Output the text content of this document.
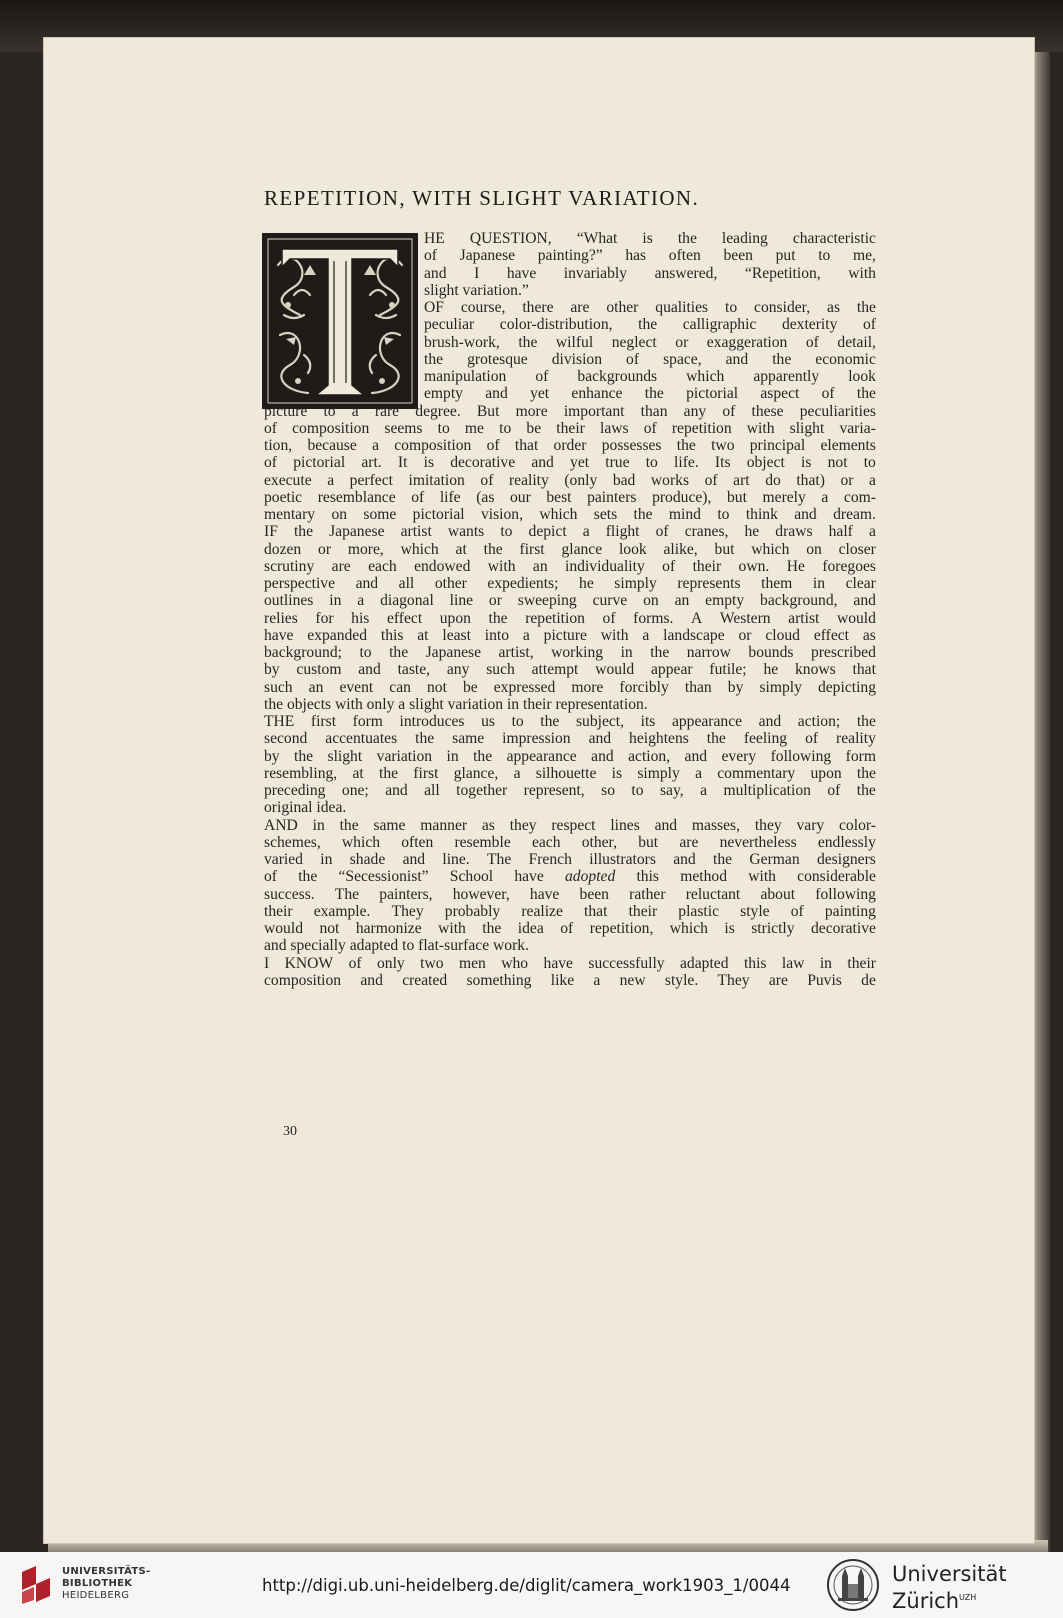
REPETITION, WITH SLIGHT VARIATION.
HE QUESTION, “What is the leading characteristic
of Japanese painting?” has often been put to me,
and I have invariably answered, “Repetition, with
slight variation.”
OF course, there are other qualities to consider, as the
peculiar color-distribution, the calligraphic dexterity of
brush-work, the wilful neglect or exaggeration of detail,
the grotesque division of space, and the economic
manipulation of backgrounds which apparently look
empty and yet enhance the pictorial aspect of the
picture to a rare degree. But more important than any of these peculiarities
of composition seems to me to be their laws of repetition with slight varia-
tion, because a composition of that order possesses the two principal elements
of pictorial art. It is decorative and yet true to life. Its object is not to
execute a perfect imitation of reality (only bad works of art do that) or a
poetic resemblance of life (as our best painters produce), but merely a com-
mentary on some pictorial vision, which sets the mind to think and dream.
IF the Japanese artist wants to depict a flight of cranes, he draws half a
dozen or more, which at the first glance look alike, but which on closer
scrutiny are each endowed with an individuality of their own. He foregoes
perspective and all other expedients; he simply represents them in clear
outlines in a diagonal line or sweeping curve on an empty background, and
relies for his effect upon the repetition of forms. A Western artist would
have expanded this at least into a picture with a landscape or cloud effect as
background; to the Japanese artist, working in the narrow bounds prescribed
by custom and taste, any such attempt would appear futile; he knows that
such an event can not be expressed more forcibly than by simply depicting
the objects with only a slight variation in their representation.
THE first form introduces us to the subject, its appearance and action; the
second accentuates the same impression and heightens the feeling of reality
by the slight variation in the appearance and action, and every following form
resembling, at the first glance, a silhouette is simply a commentary upon the
preceding one; and all together represent, so to say, a multiplication of the
original idea.
AND in the same manner as they respect lines and masses, they vary color-
schemes, which often resemble each other, but are nevertheless endlessly
varied in shade and line. The French illustrators and the German designers
of the “Secessionist” School have adopted this method with considerable
success. The painters, however, have been rather reluctant about following
their example. They probably realize that their plastic style of painting
would not harmonize with the idea of repetition, which is strictly decorative
and specially adapted to flat-surface work.
I KNOW of only two men who have successfully adapted this law in their
composition and created something like a new style. They are Puvis de
30
UNIVERSITÄTS-
BIBLIOTHEK
HEIDELBERG
http://digi.ub.uni-heidelberg.de/diglit/camera_work1903_1/0044	Universität
Zürich$^{UZH}$
